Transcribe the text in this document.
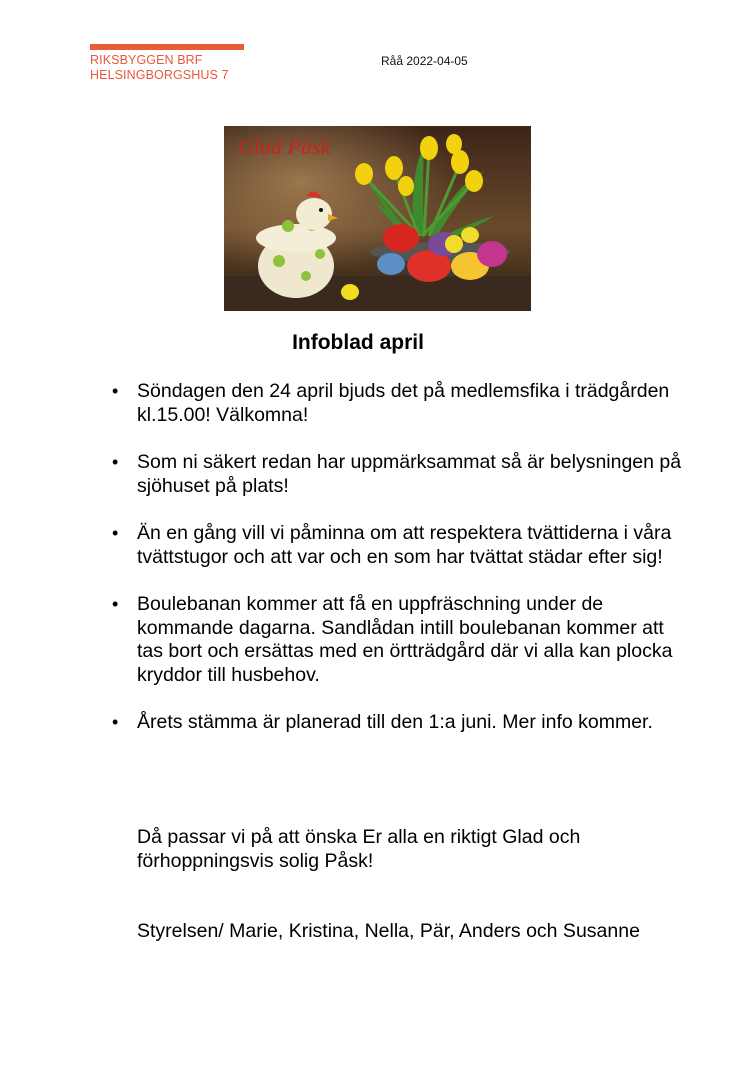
RIKSBYGGEN BRF
HELSINGBORGSHUS 7
Råå 2022-04-05
Glad Påsk
Infoblad april
• Söndagen den 24 april bjuds det på medlemsfika i trädgården kl.15.00! Välkomna!
• Som ni säkert redan har uppmärksammat så är belysningen på sjöhuset på plats!
• Än en gång vill vi påminna om att respektera tvättiderna i våra tvättstugor och att var och en som har tvättat städar efter sig!
• Boulebanan kommer att få en uppfräschning under de kommande dagarna. Sandlådan intill boulebanan kommer att tas bort och ersättas med en örtträdgård där vi alla kan plocka kryddor till husbehov.
• Årets stämma är planerad till den 1:a juni. Mer info kommer.
Då passar vi på att önska Er alla en riktigt Glad och förhoppningsvis solig Påsk!
Styrelsen/ Marie, Kristina, Nella, Pär, Anders och Susanne
